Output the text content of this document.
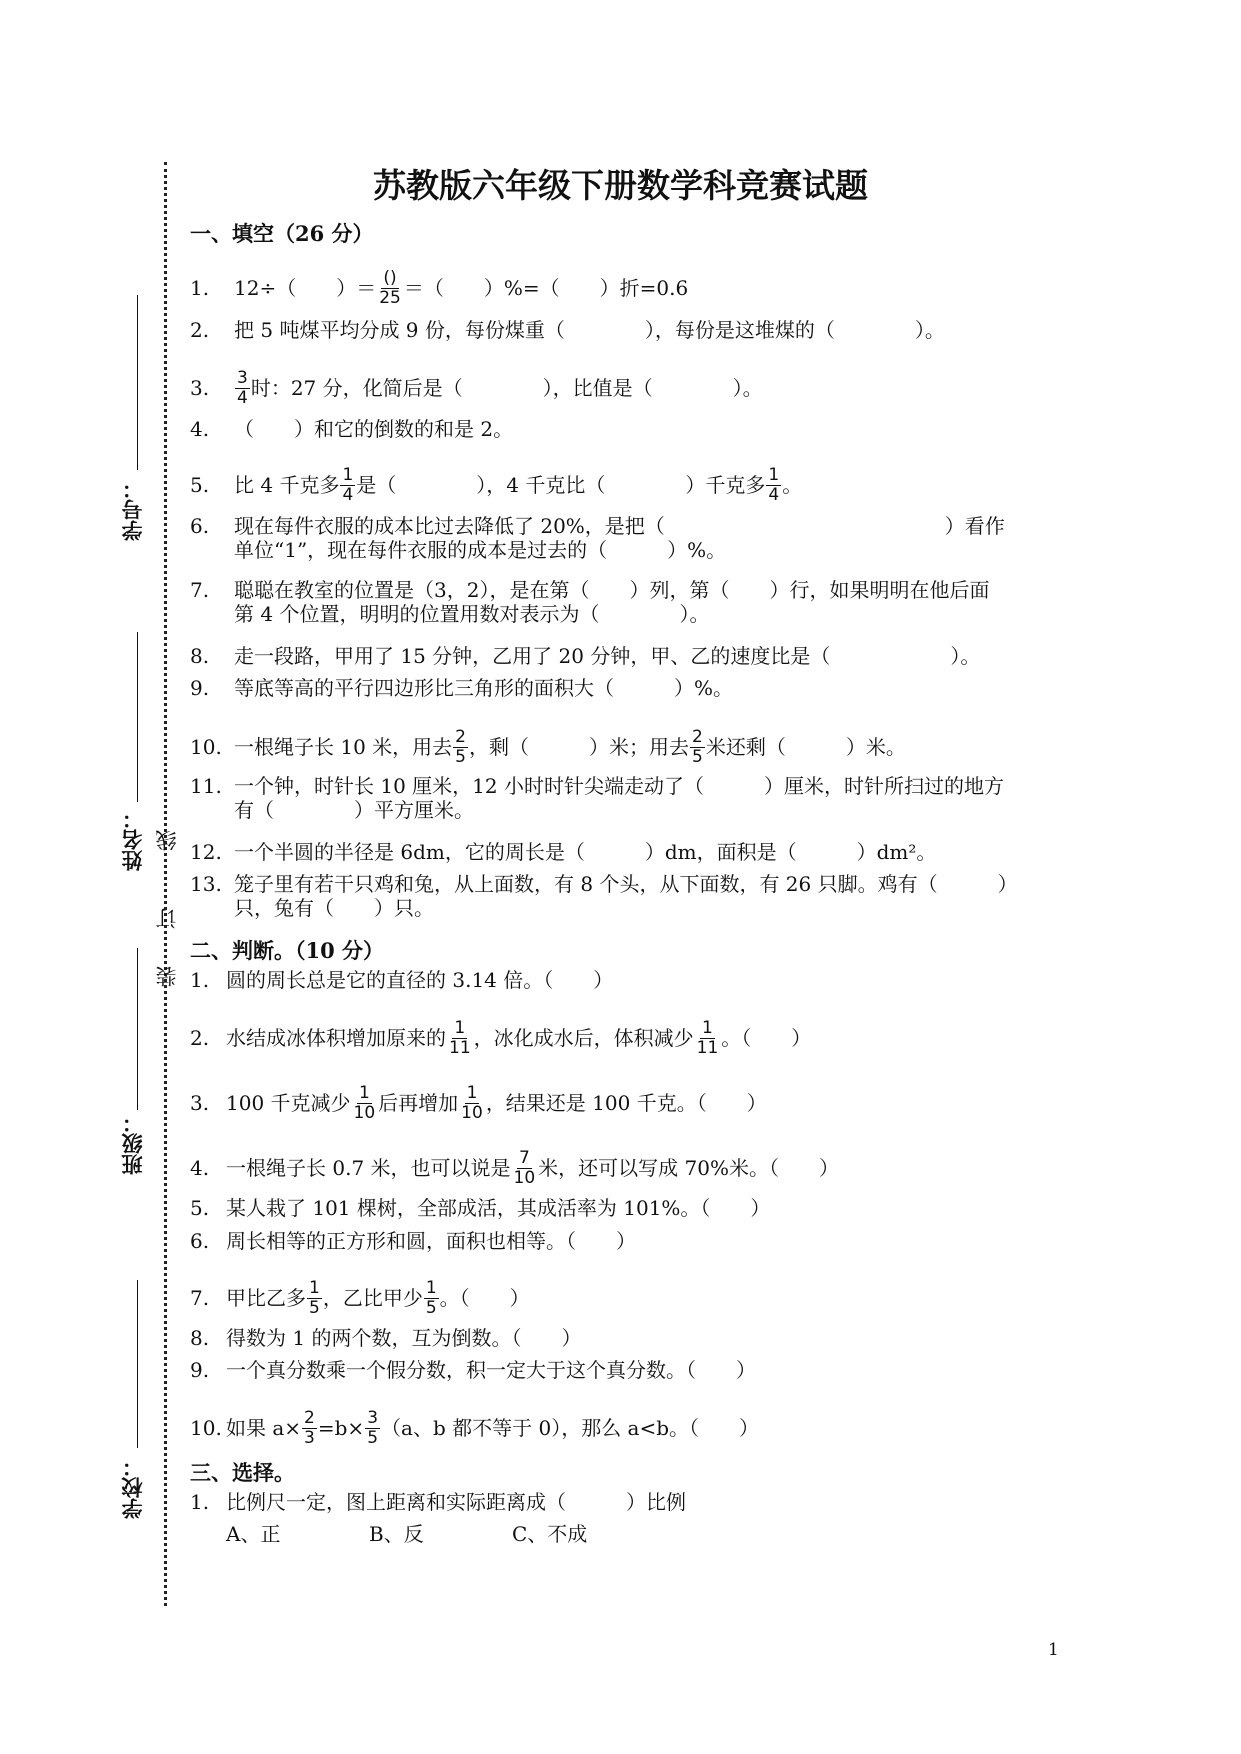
学号：
姓名： 线
订
装
班级：
学校：
苏教版六年级下册数学科竞赛试题
一、填空（26 分）
1. 12÷（　　）＝ $\frac{()}{25}$ ＝（　　）%=（　　）折=0.6
2. 把 5 吨煤平均分成 9 份，每份煤重（　　　　），每份是这堆煤的（　　　　）。
3. $\frac{3}{4}$ 时：27 分，化简后是（　　　　），比值是（　　　　）。
4. （　　）和它的倒数的和是 2。
5. 比 4 千克多 $\frac{1}{4}$ 是（　　　　），4 千克比（　　　　）千克多 $\frac{1}{4}$ 。
6. 现在每件衣服的成本比过去降低了 20%，是把（　　　　　　　　　　　　　　）看作
单位“1”，现在每件衣服的成本是过去的（　　　）%。
7. 聪聪在教室的位置是（3，2），是在第（　　）列，第（　　）行，如果明明在他后面
第 4 个位置，明明的位置用数对表示为（　　　　）。
8. 走一段路，甲用了 15 分钟，乙用了 20 分钟，甲、乙的速度比是（　　　　　　）。
9. 等底等高的平行四边形比三角形的面积大（　　　）%。
10. 一根绳子长 10 米，用去 $\frac{2}{5}$ ，剩（　　　）米；用去 $\frac{2}{5}$ 米还剩（　　　）米。
11. 一个钟，时针长 10 厘米，12 小时时针尖端走动了（　　　）厘米，时针所扫过的地方
有（　　　　）平方厘米。
12. 一个半圆的半径是 6dm，它的周长是（　　　）dm，面积是（　　　）dm²。
13. 笼子里有若干只鸡和兔，从上面数，有 8 个头，从下面数，有 26 只脚。鸡有（　　　）
只，兔有（　　）只。
二、判断。（10 分）
1. 圆的周长总是它的直径的 3.14 倍。（　　）
2. 水结成冰体积增加原来的 $\frac{1}{11}$ ，冰化成水后，体积减少 $\frac{1}{11}$ 。（　　）
3. 100 千克减少 $\frac{1}{10}$ 后再增加 $\frac{1}{10}$ ，结果还是 100 千克。（　　）
4. 一根绳子长 0.7 米，也可以说是 $\frac{7}{10}$ 米，还可以写成 70%米。（　　）
5. 某人栽了 101 棵树，全部成活，其成活率为 101%。（　　）
6. 周长相等的正方形和圆，面积也相等。（　　）
7. 甲比乙多 $\frac{1}{5}$ ，乙比甲少 $\frac{1}{5}$ 。（　　）
8. 得数为 1 的两个数，互为倒数。（　　）
9. 一个真分数乘一个假分数，积一定大于这个真分数。（　　）
10. 如果 $a\times \frac{2}{3} =b\times \frac{3}{5} (a$、b 都不等于 0），那么 a<b。（　　）
三、选择。
1. 比例尺一定，图上距离和实际距离成（　　　）比例
A、正	B、反	C、不成
1
